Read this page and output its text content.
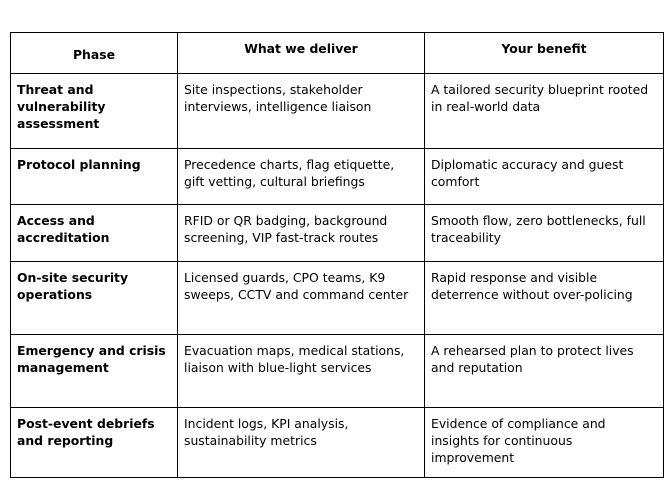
Phase	What we deliver	Your benefit

Threat and vulnerability assessment	Site inspections, stakeholder interviews, intelligence liaison	A tailored security blueprint rooted in real-world data
Protocol planning	Precedence charts, flag etiquette, gift vetting, cultural briefings	Diplomatic accuracy and guest comfort
Access and accreditation	RFID or QR badging, background screening, VIP fast-track routes	Smooth flow, zero bottlenecks, full traceability
On-site security operations	Licensed guards, CPO teams, K9 sweeps, CCTV and command center	Rapid response and visible deterrence without over-policing
Emergency and crisis management	Evacuation maps, medical stations, liaison with blue-light services	A rehearsed plan to protect lives and reputation
Post-event debriefs and reporting	Incident logs, KPI analysis, sustainability metrics	Evidence of compliance and insights for continuous improvement
